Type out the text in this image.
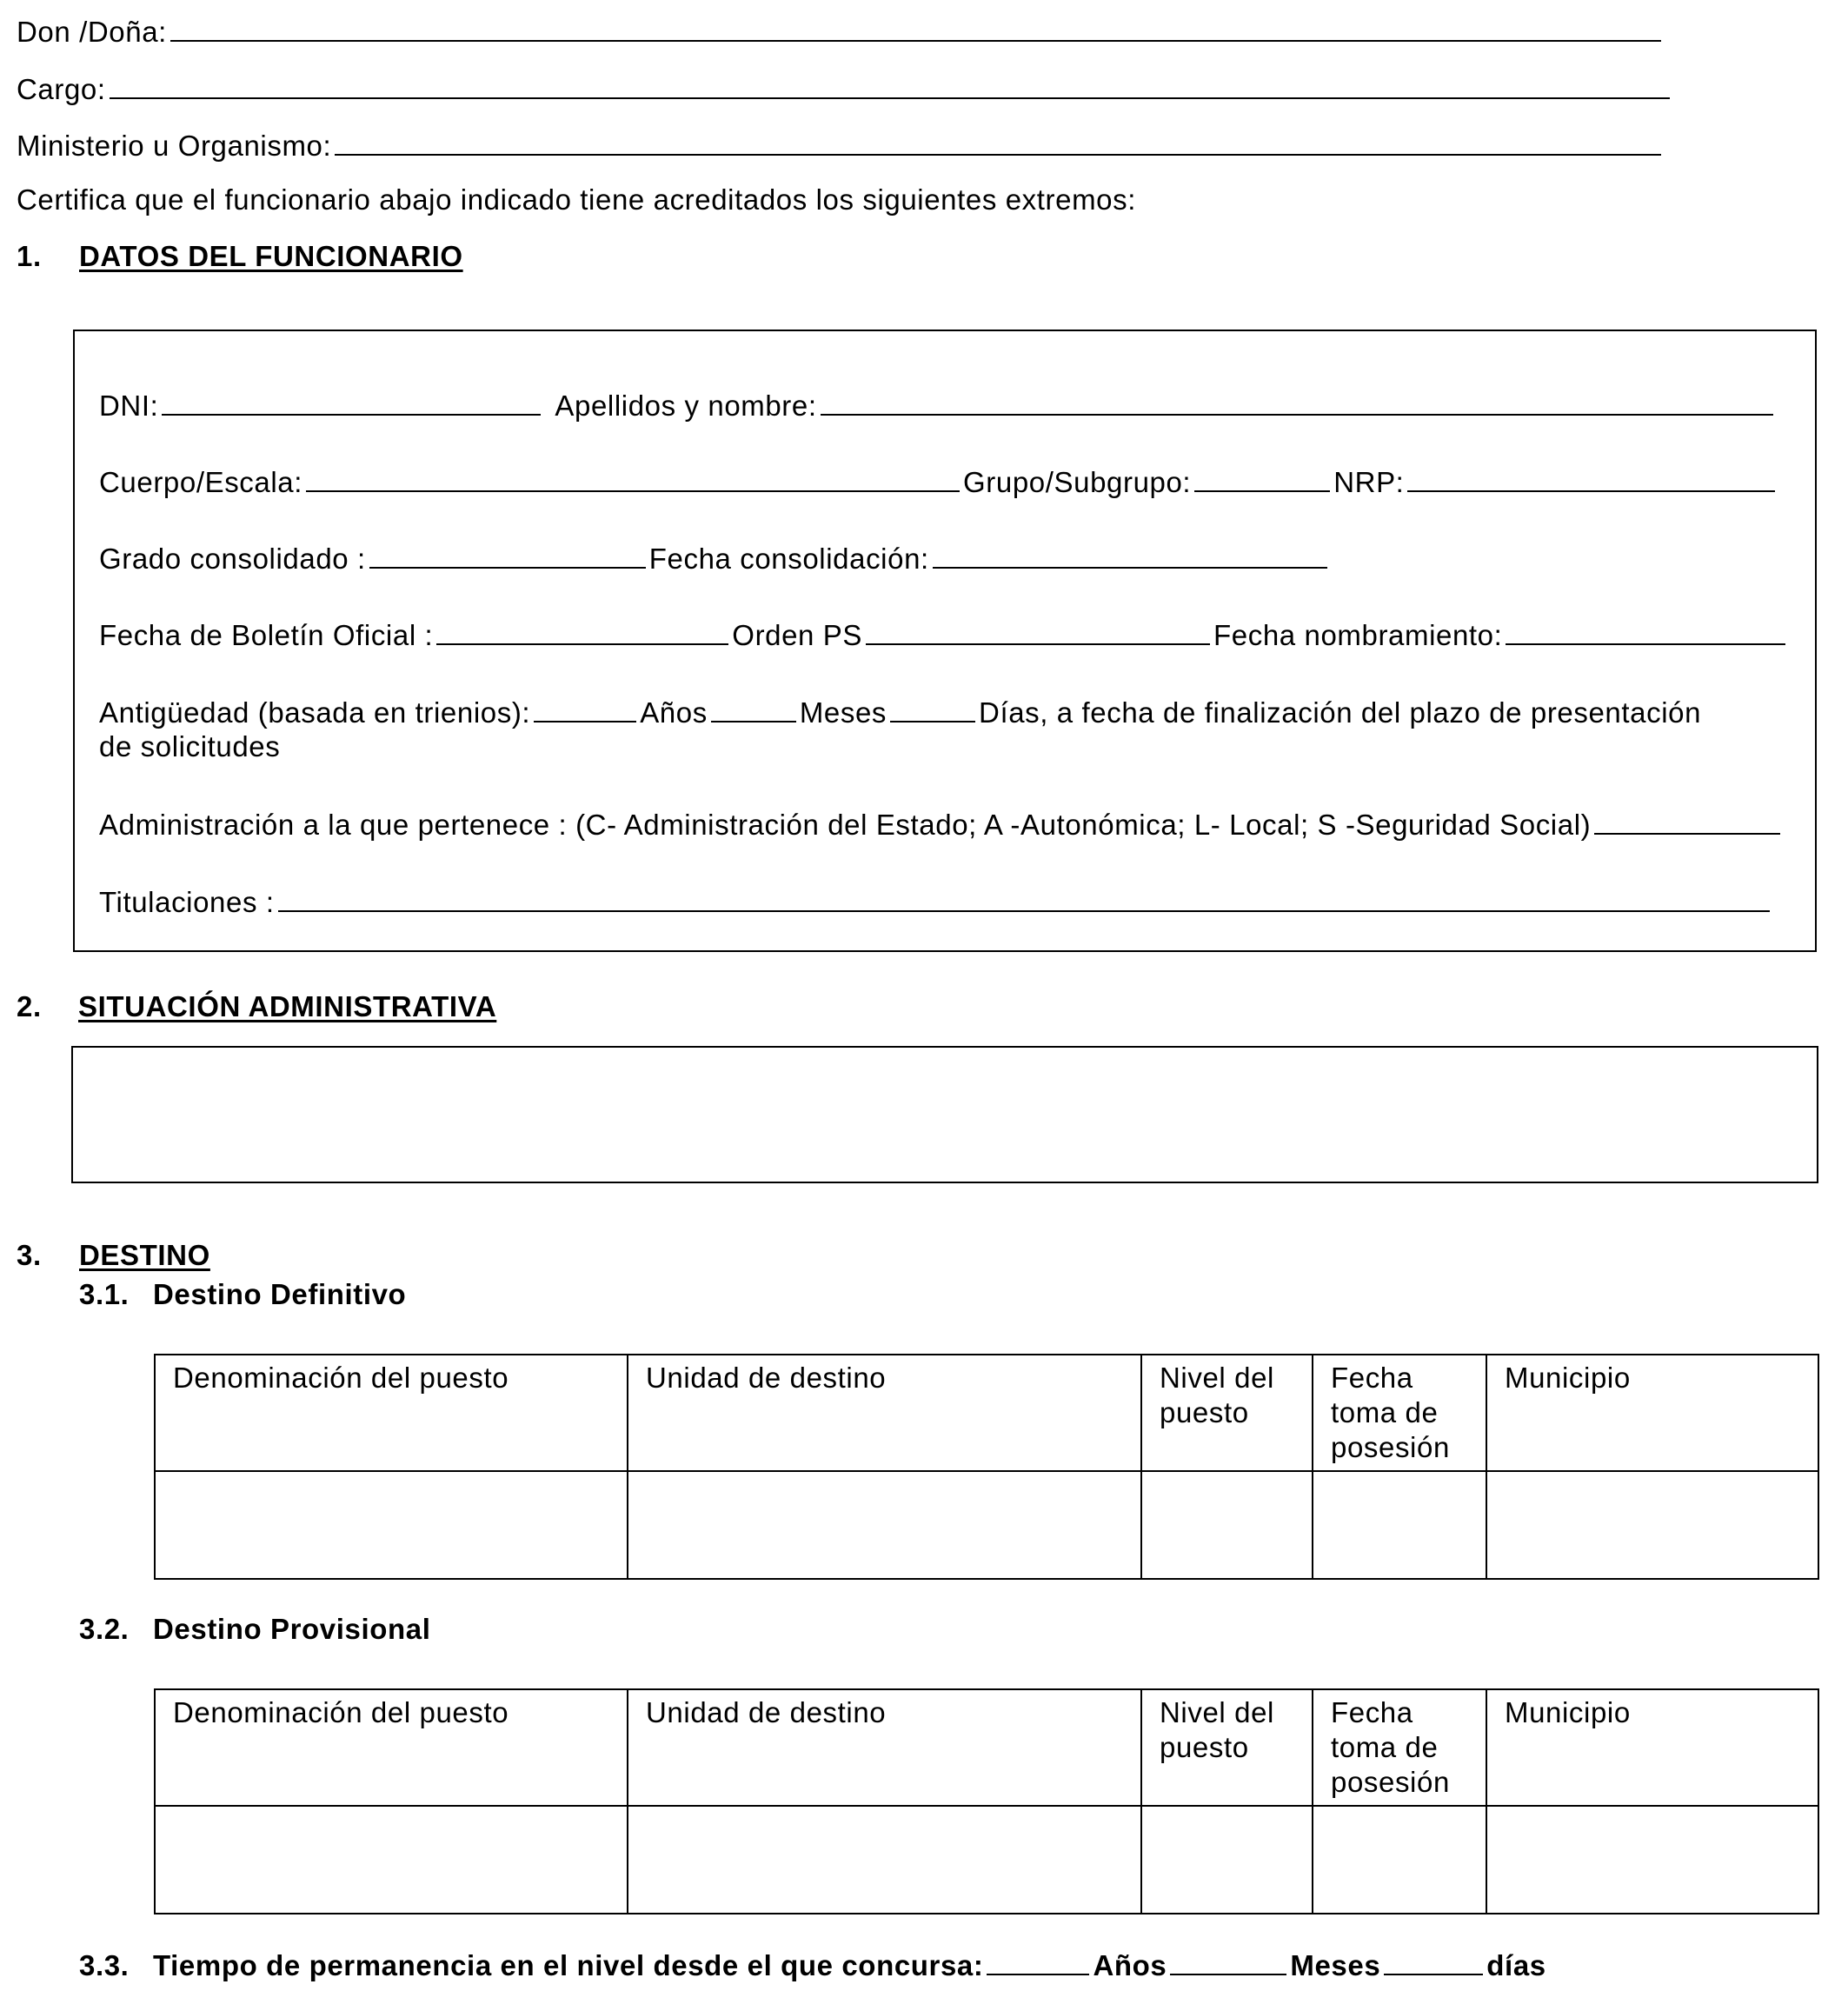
Don /Doña:
Cargo:
Ministerio u Organismo:
Certifica que el funcionario abajo indicado tiene acreditados los siguientes extremos:
1. DATOS DEL FUNCIONARIO
DNI:	Apellidos y nombre:
Cuerpo/Escala:	Grupo/Subgrupo:	NRP:
Grado consolidado :	Fecha consolidación:
Fecha de Boletín Oficial :	Orden PS	Fecha nombramiento:
Antigüedad (basada en trienios):	Años	Meses	Días, a fecha de finalización del plazo de presentación
de solicitudes
Administración a la que pertenece : (C- Administración del Estado; A -Autonómica; L- Local; S -Seguridad Social)
Titulaciones :
2. SITUACIÓN ADMINISTRATIVA
3. DESTINO
3.1. Destino Definitivo
Denominación del puesto	Unidad de destino	Nivel del puesto	Fecha toma de posesión	Municipio

3.2. Destino Provisional
Denominación del puesto	Unidad de destino	Nivel del puesto	Fecha toma de posesión	Municipio

3.3. Tiempo de permanencia en el nivel desde el que concursa:	Años	Meses	días
